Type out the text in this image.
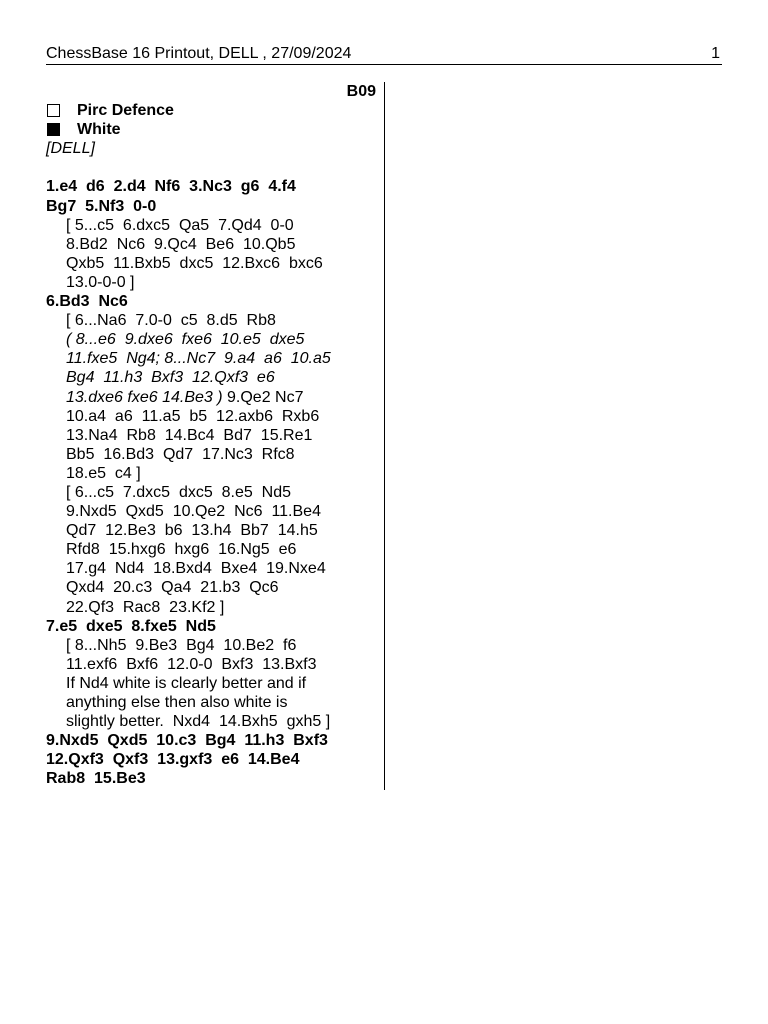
ChessBase 16 Printout, DELL , 27/09/2024	1
B09
Pirc Defence
White
[DELL]
1.e4  d6  2.d4  Nf6  3.Nc3  g6  4.f4
Bg7  5.Nf3  0-0
[ 5...c5  6.dxc5  Qa5  7.Qd4  0-0
8.Bd2  Nc6  9.Qc4  Be6  10.Qb5
Qxb5  11.Bxb5  dxc5  12.Bxc6  bxc6
13.0-0-0 ]
6.Bd3  Nc6
[ 6...Na6  7.0-0  c5  8.d5  Rb8
( 8...e6  9.dxe6  fxe6  10.e5  dxe5
11.fxe5  Ng4; 8...Nc7  9.a4  a6  10.a5
Bg4  11.h3  Bxf3  12.Qxf3  e6
13.dxe6 fxe6 14.Be3 ) 9.Qe2 Nc7
10.a4  a6  11.a5  b5  12.axb6  Rxb6
13.Na4  Rb8  14.Bc4  Bd7  15.Re1
Bb5  16.Bd3  Qd7  17.Nc3  Rfc8
18.e5  c4 ]
[ 6...c5  7.dxc5  dxc5  8.e5  Nd5
9.Nxd5  Qxd5  10.Qe2  Nc6  11.Be4
Qd7  12.Be3  b6  13.h4  Bb7  14.h5
Rfd8  15.hxg6  hxg6  16.Ng5  e6
17.g4  Nd4  18.Bxd4  Bxe4  19.Nxe4
Qxd4  20.c3  Qa4  21.b3  Qc6
22.Qf3  Rac8  23.Kf2 ]
7.e5  dxe5  8.fxe5  Nd5
[ 8...Nh5  9.Be3  Bg4  10.Be2  f6
11.exf6  Bxf6  12.0-0  Bxf3  13.Bxf3
If Nd4 white is clearly better and if
anything else then also white is
slightly better.  Nxd4  14.Bxh5  gxh5 ]
9.Nxd5  Qxd5  10.c3  Bg4  11.h3  Bxf3
12.Qxf3  Qxf3  13.gxf3  e6  14.Be4
Rab8  15.Be3
